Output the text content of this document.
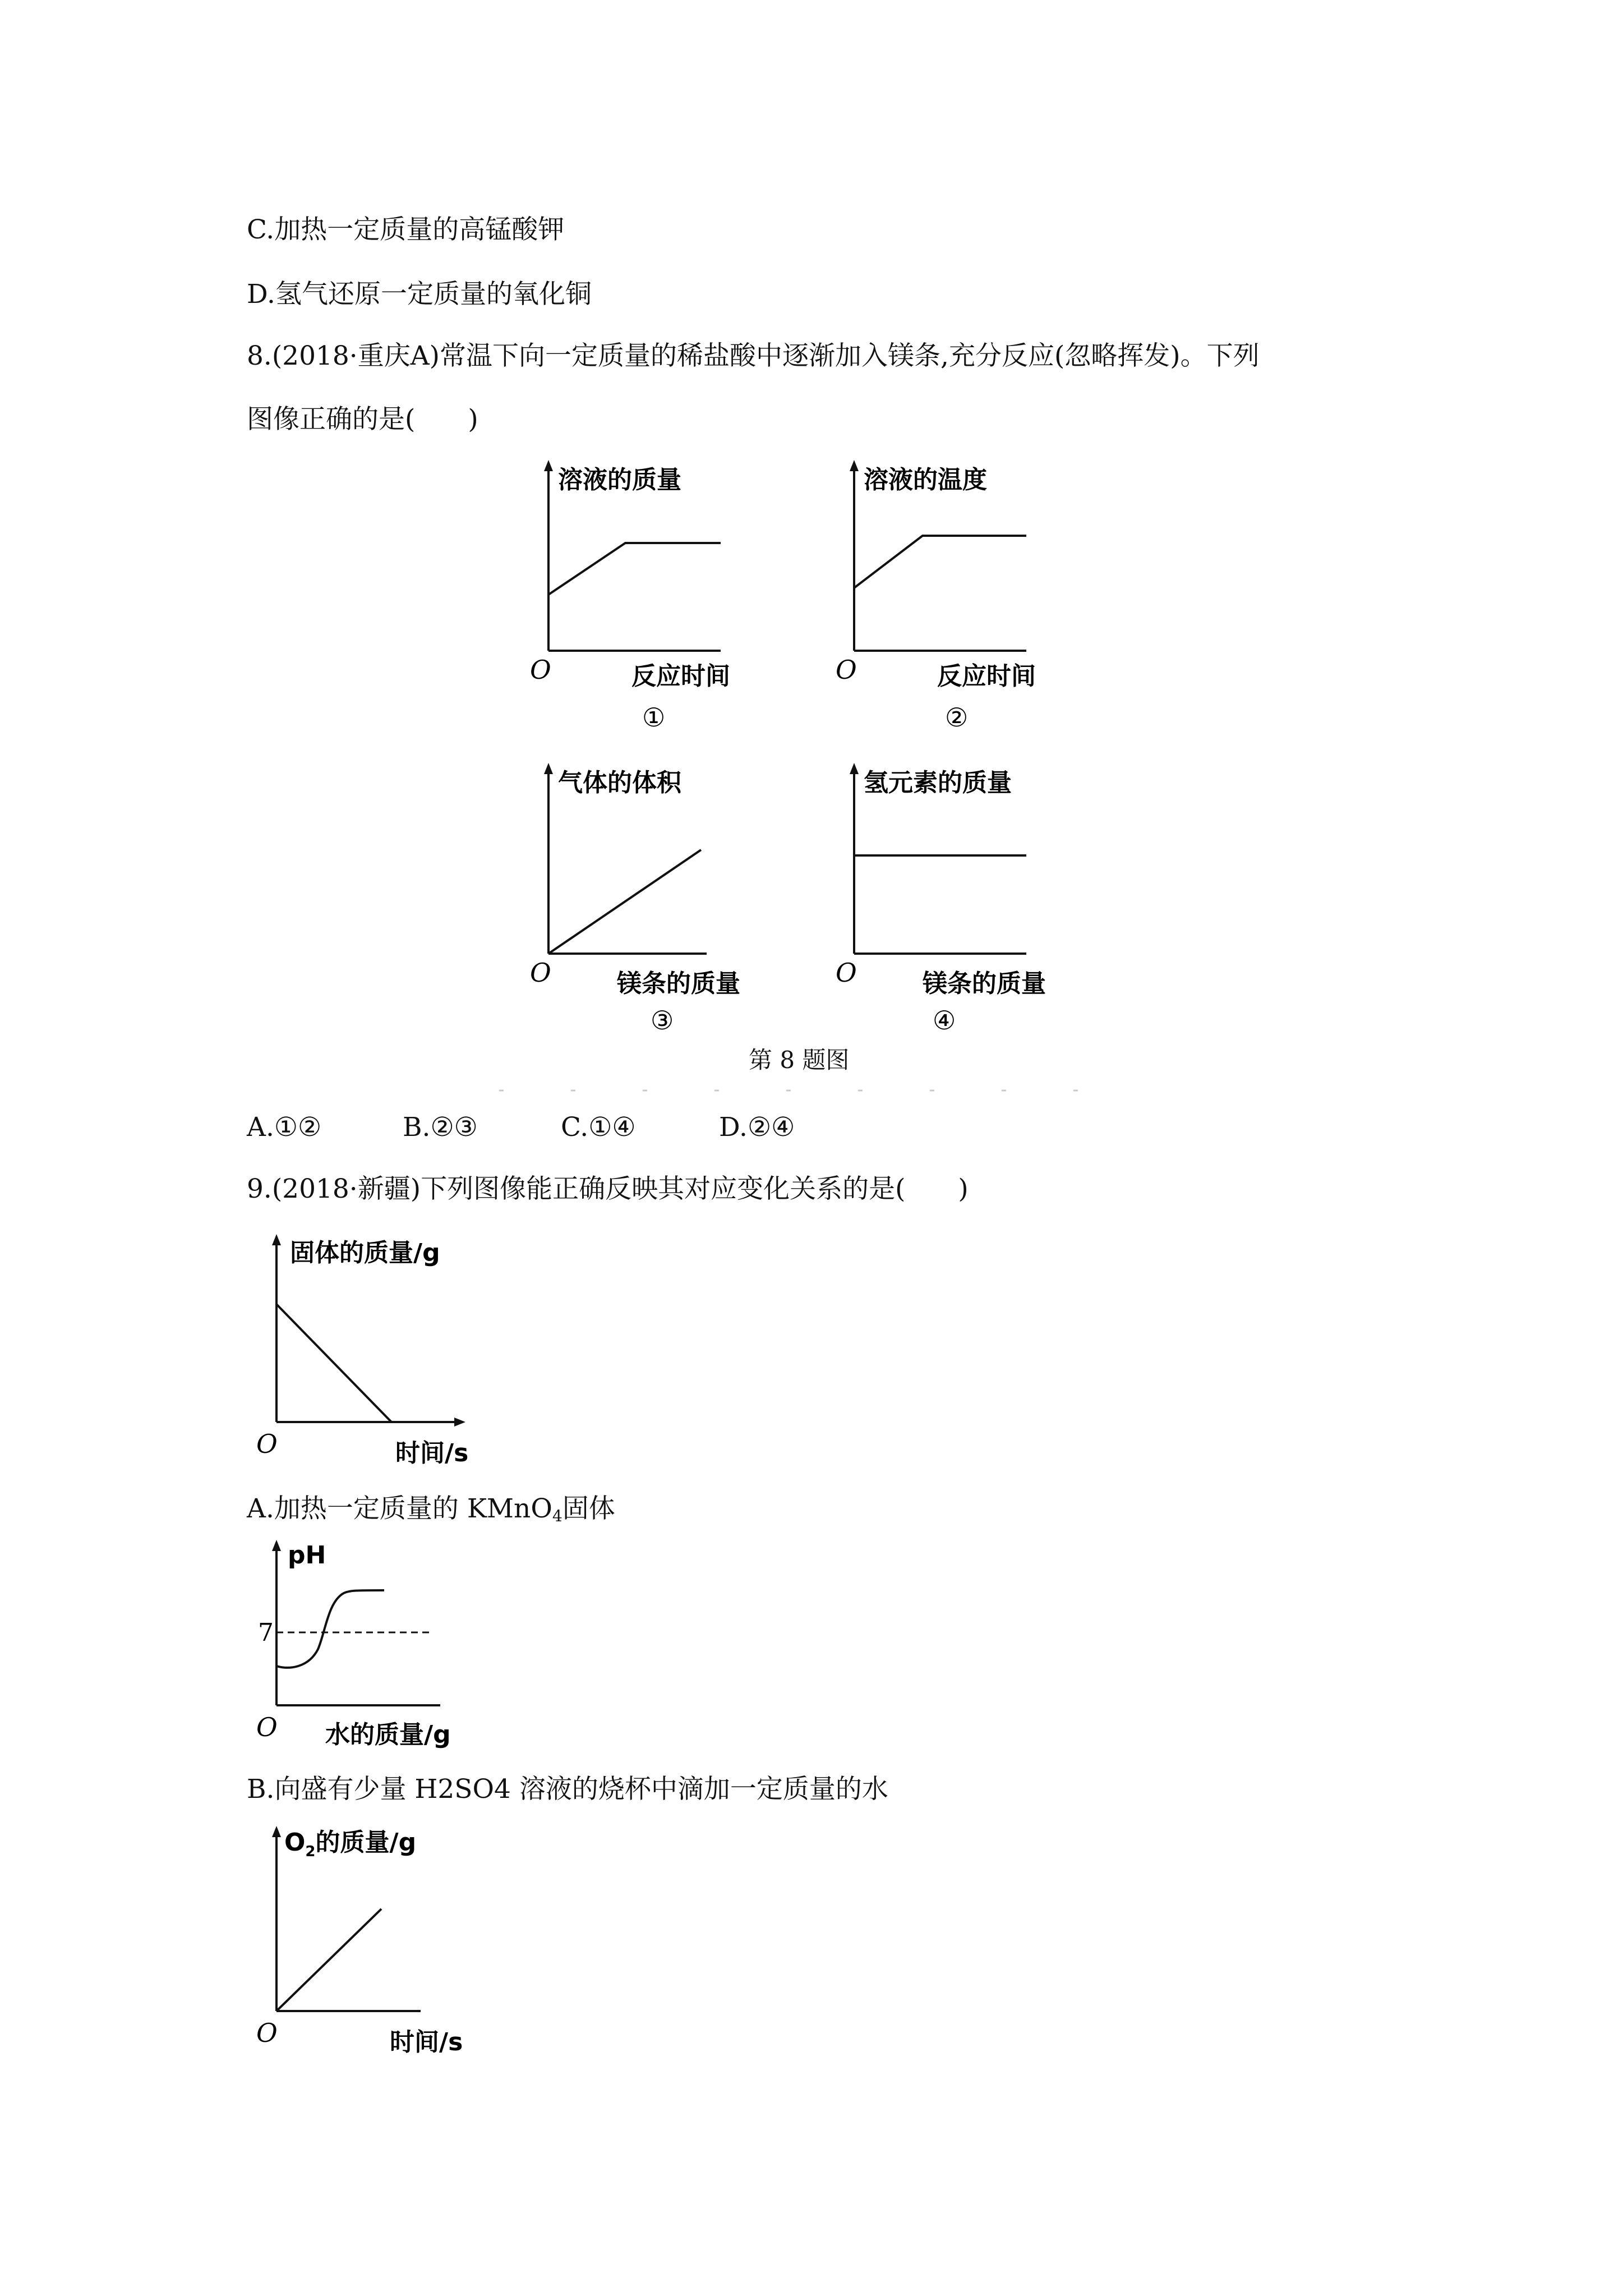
C.加热一定质量的高锰酸钾
D.氢气还原一定质量的氧化铜
8.(2018·重庆A)常温下向一定质量的稀盐酸中逐渐加入镁条,充分反应(忽略挥发)。下列
图像正确的是(　　)
溶液的质量
反应时间
O
①
溶液的温度
反应时间
O
②
气体的体积
镁条的质量
O
③
氢元素的质量
镁条的质量
O
④
第 8 题图
A.①②	B.②③	C.①④	D.②④
9.(2018·新疆)下列图像能正确反映其对应变化关系的是(　　)
固体的质量/g
时间/s
O
A.加热一定质量的 KMnO$_4$固体
pH
7
水的质量/g
O
B.向盛有少量 H2SO4 溶液的烧杯中滴加一定质量的水
$O_2$的质量/g
时间/s
O
